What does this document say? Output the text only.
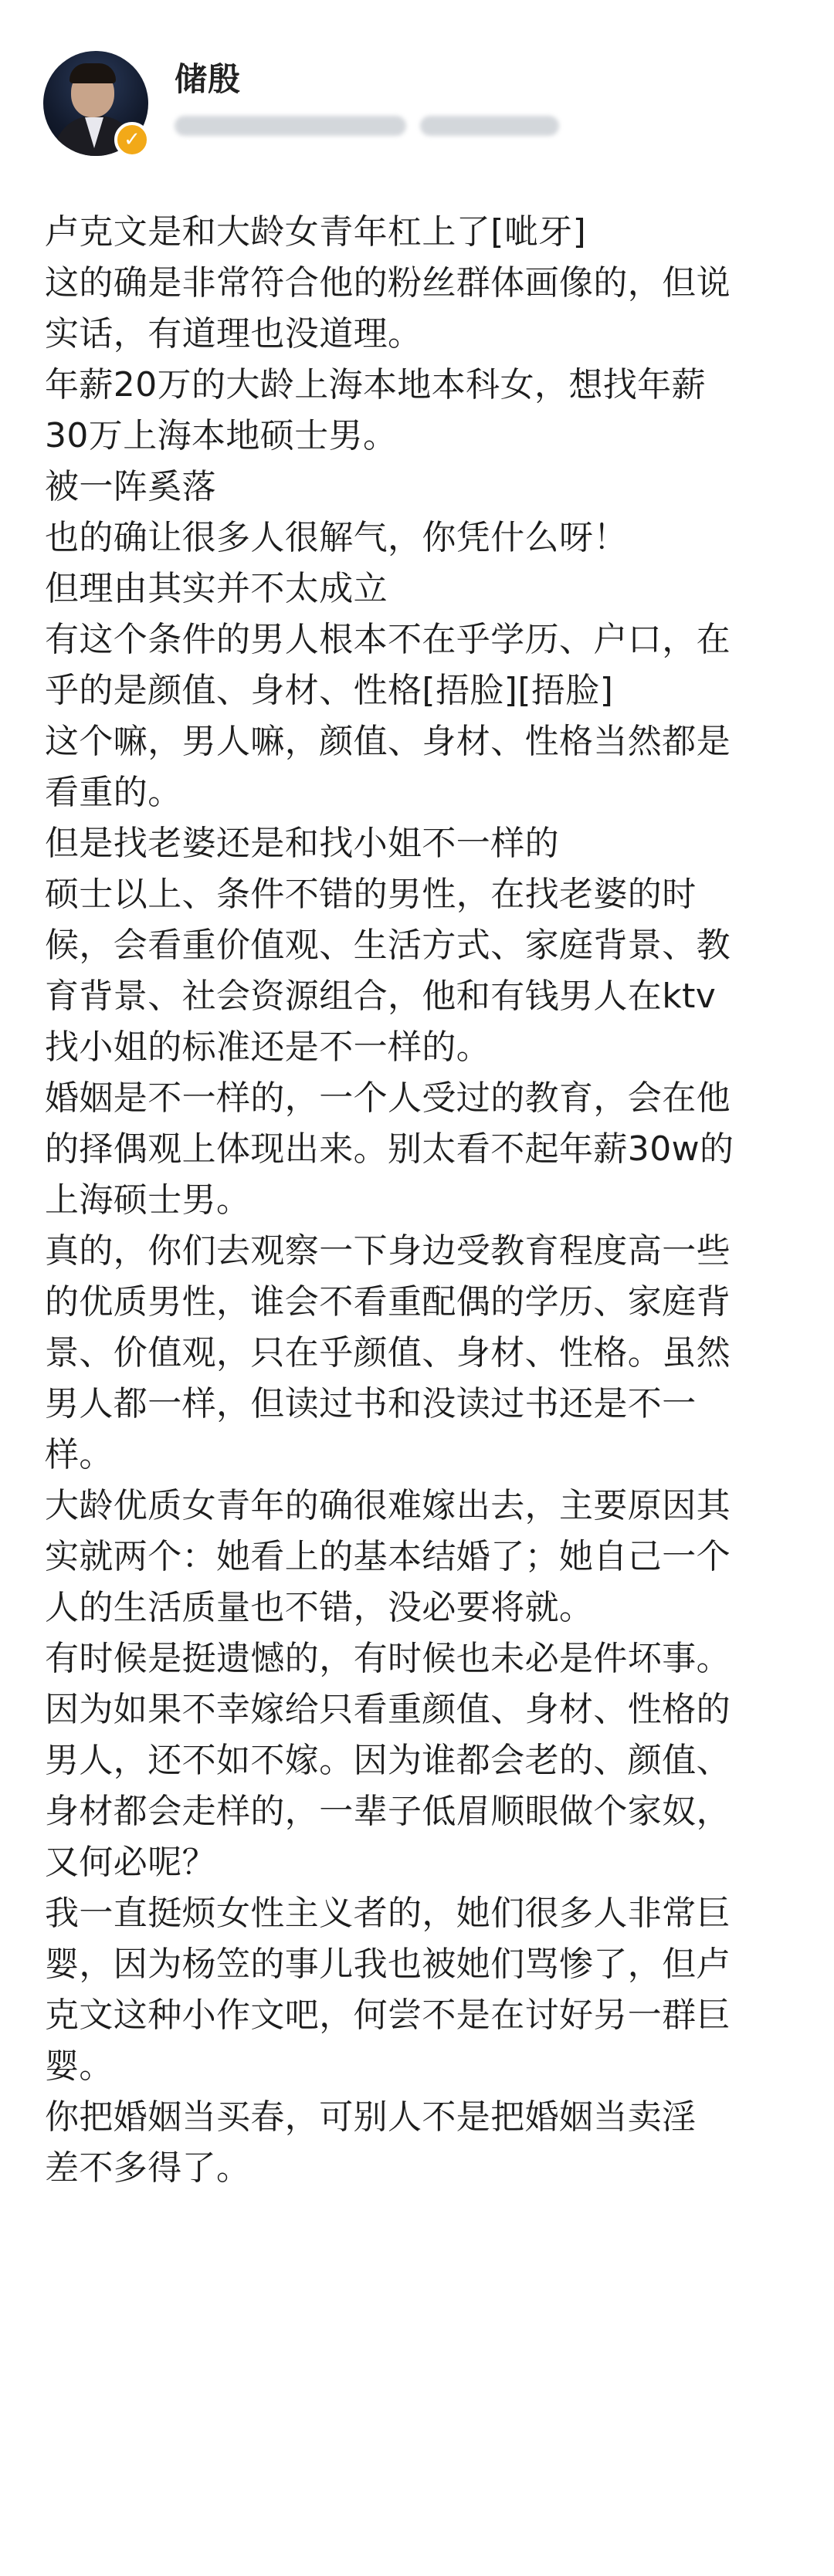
✓
储殷
卢克文是和大龄女青年杠上了[呲牙]
这的确是非常符合他的粉丝群体画像的，但说
实话，有道理也没道理。
年薪20万的大龄上海本地本科女，想找年薪
30万上海本地硕士男。
被一阵奚落
也的确让很多人很解气，你凭什么呀！
但理由其实并不太成立
有这个条件的男人根本不在乎学历、户口，在
乎的是颜值、身材、性格[捂脸][捂脸]
这个嘛，男人嘛，颜值、身材、性格当然都是
看重的。
但是找老婆还是和找小姐不一样的
硕士以上、条件不错的男性，在找老婆的时
候，会看重价值观、生活方式、家庭背景、教
育背景、社会资源组合，他和有钱男人在ktv
找小姐的标准还是不一样的。
婚姻是不一样的，一个人受过的教育，会在他
的择偶观上体现出来。别太看不起年薪30w的
上海硕士男。
真的，你们去观察一下身边受教育程度高一些
的优质男性，谁会不看重配偶的学历、家庭背
景、价值观，只在乎颜值、身材、性格。虽然
男人都一样，但读过书和没读过书还是不一
样。
大龄优质女青年的确很难嫁出去，主要原因其
实就两个：她看上的基本结婚了；她自己一个
人的生活质量也不错，没必要将就。
有时候是挺遗憾的，有时候也未必是件坏事。
因为如果不幸嫁给只看重颜值、身材、性格的
男人，还不如不嫁。因为谁都会老的、颜值、
身材都会走样的，一辈子低眉顺眼做个家奴，
又何必呢？
我一直挺烦女性主义者的，她们很多人非常巨
婴，因为杨笠的事儿我也被她们骂惨了，但卢
克文这种小作文吧，何尝不是在讨好另一群巨
婴。
你把婚姻当买春，可别人不是把婚姻当卖淫
差不多得了。
